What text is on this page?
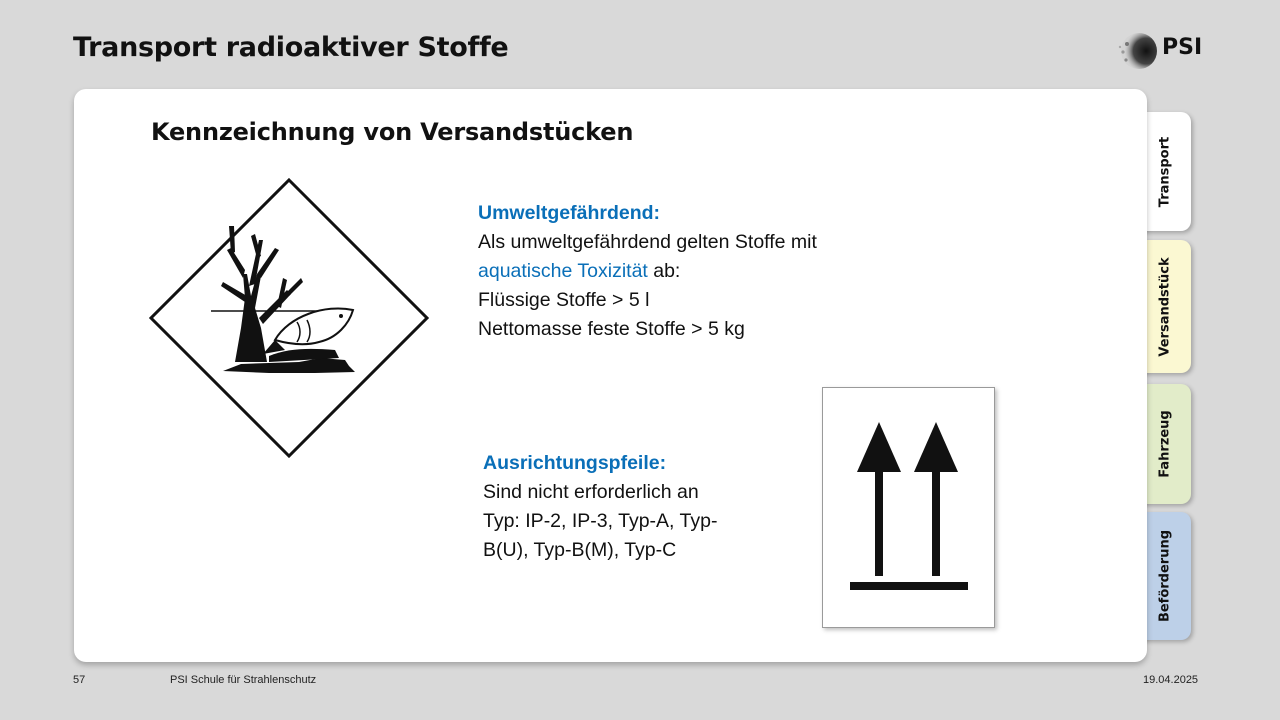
Transport radioaktiver Stoffe	PSI
Kennzeichnung von Versandstücken
Umweltgefährdend:
Als umweltgefährdend gelten Stoffe mit
aquatische Toxizität ab:
Flüssige Stoffe > 5 l
Nettomasse feste Stoffe > 5 kg
Ausrichtungspfeile:
Sind nicht erforderlich an
Typ: IP-2, IP-3, Typ-A, Typ-
B(U), Typ-B(M), Typ-C
Transport
Versandstück
Fahrzeug
Beförderung
57	PSI Schule für Strahlenschutz	19.04.2025
